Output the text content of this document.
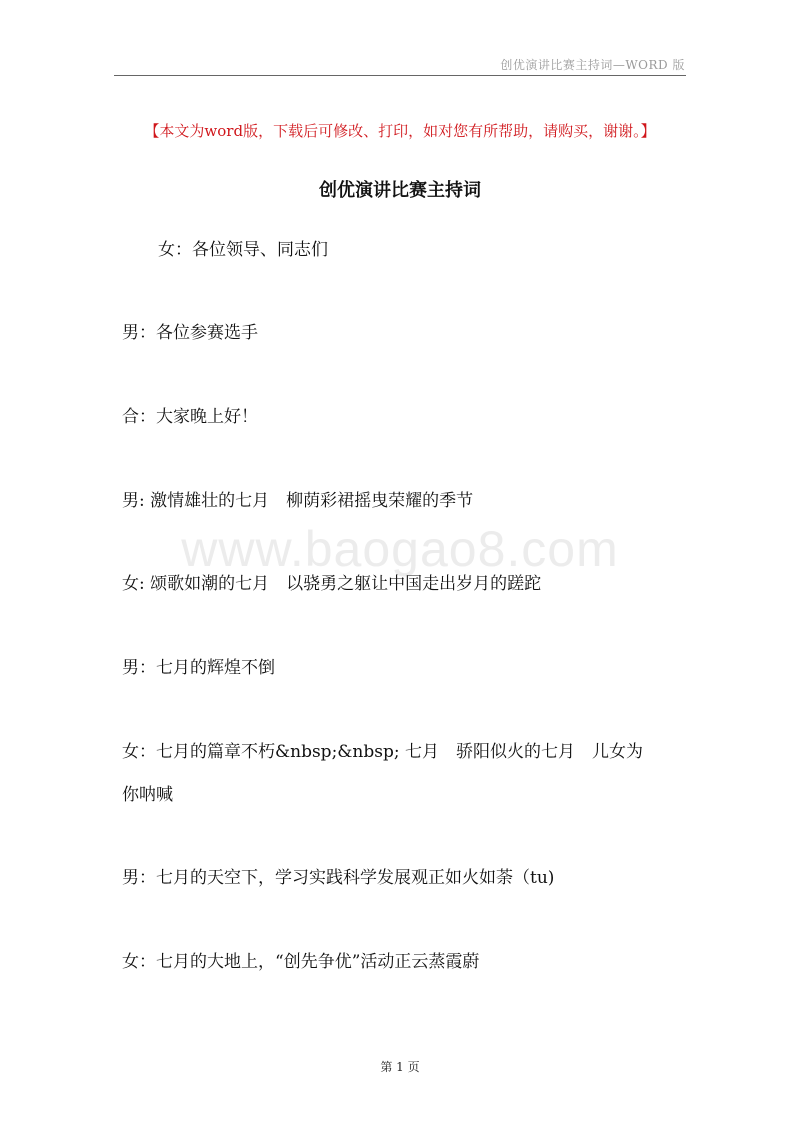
创优演讲比赛主持词—WORD 版
【本文为word版，下载后可修改、打印，如对您有所帮助，请购买，谢谢。】
创优演讲比赛主持词
女：各位领导、同志们
男：各位参赛选手
合：大家晚上好！
男: 激情雄壮的七月　柳荫彩裙摇曳荣耀的季节
www.baogao8.com
女: 颂歌如潮的七月　以骁勇之躯让中国走出岁月的蹉跎
男：七月的辉煌不倒
女：七月的篇章不朽&nbsp;&nbsp; 七月　骄阳似火的七月　儿女为
你呐喊
男：七月的天空下，学习实践科学发展观正如火如荼（tu)
女：七月的大地上，“创先争优”活动正云蒸霞蔚
第 1 页
